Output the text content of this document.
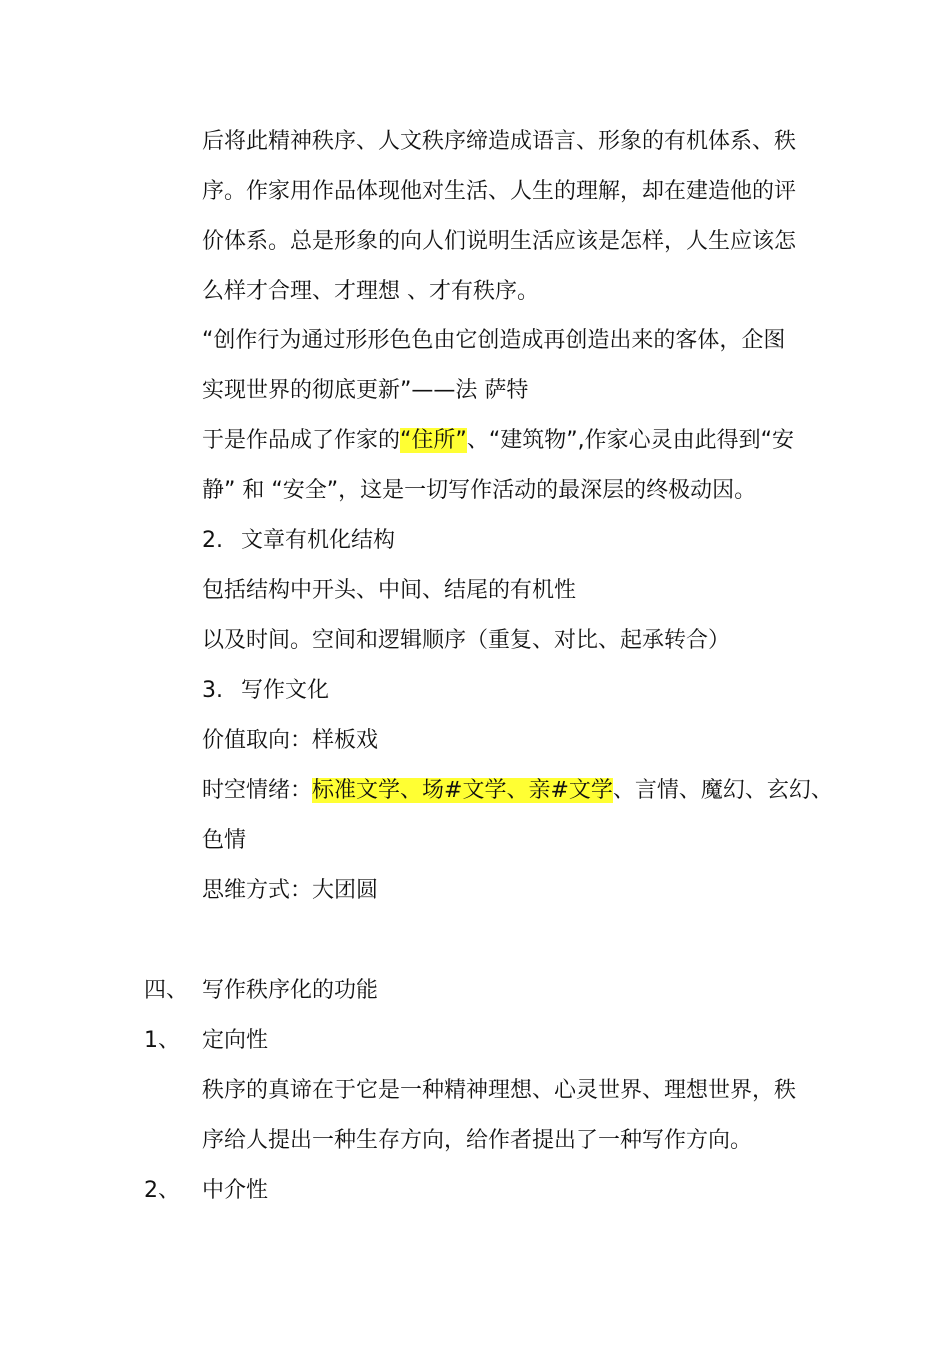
后将此精神秩序、人文秩序缔造成语言、形象的有机体系、秩
序。作家用作品体现他对生活、人生的理解，却在建造他的评
价体系。总是形象的向人们说明生活应该是怎样，人生应该怎
么样才合理、才理想 、才有秩序。
“创作行为通过形形色色由它创造成再创造出来的客体，企图
实现世界的彻底更新”——法 萨特
于是作品成了作家的“住所”、“建筑物”,作家心灵由此得到“安
静” 和 “安全”，这是一切写作活动的最深层的终极动因。
2. 文章有机化结构
包括结构中开头、中间、结尾的有机性
以及时间。空间和逻辑顺序（重复、对比、起承转合）
3. 写作文化
价值取向：样板戏
时空情绪：标准文学、场#文学、亲#文学、言情、魔幻、玄幻、
色情
思维方式：大团圆
四、 写作秩序化的功能
1、 定向性
秩序的真谛在于它是一种精神理想、心灵世界、理想世界，秩
序给人提出一种生存方向，给作者提出了一种写作方向。
2、 中介性
